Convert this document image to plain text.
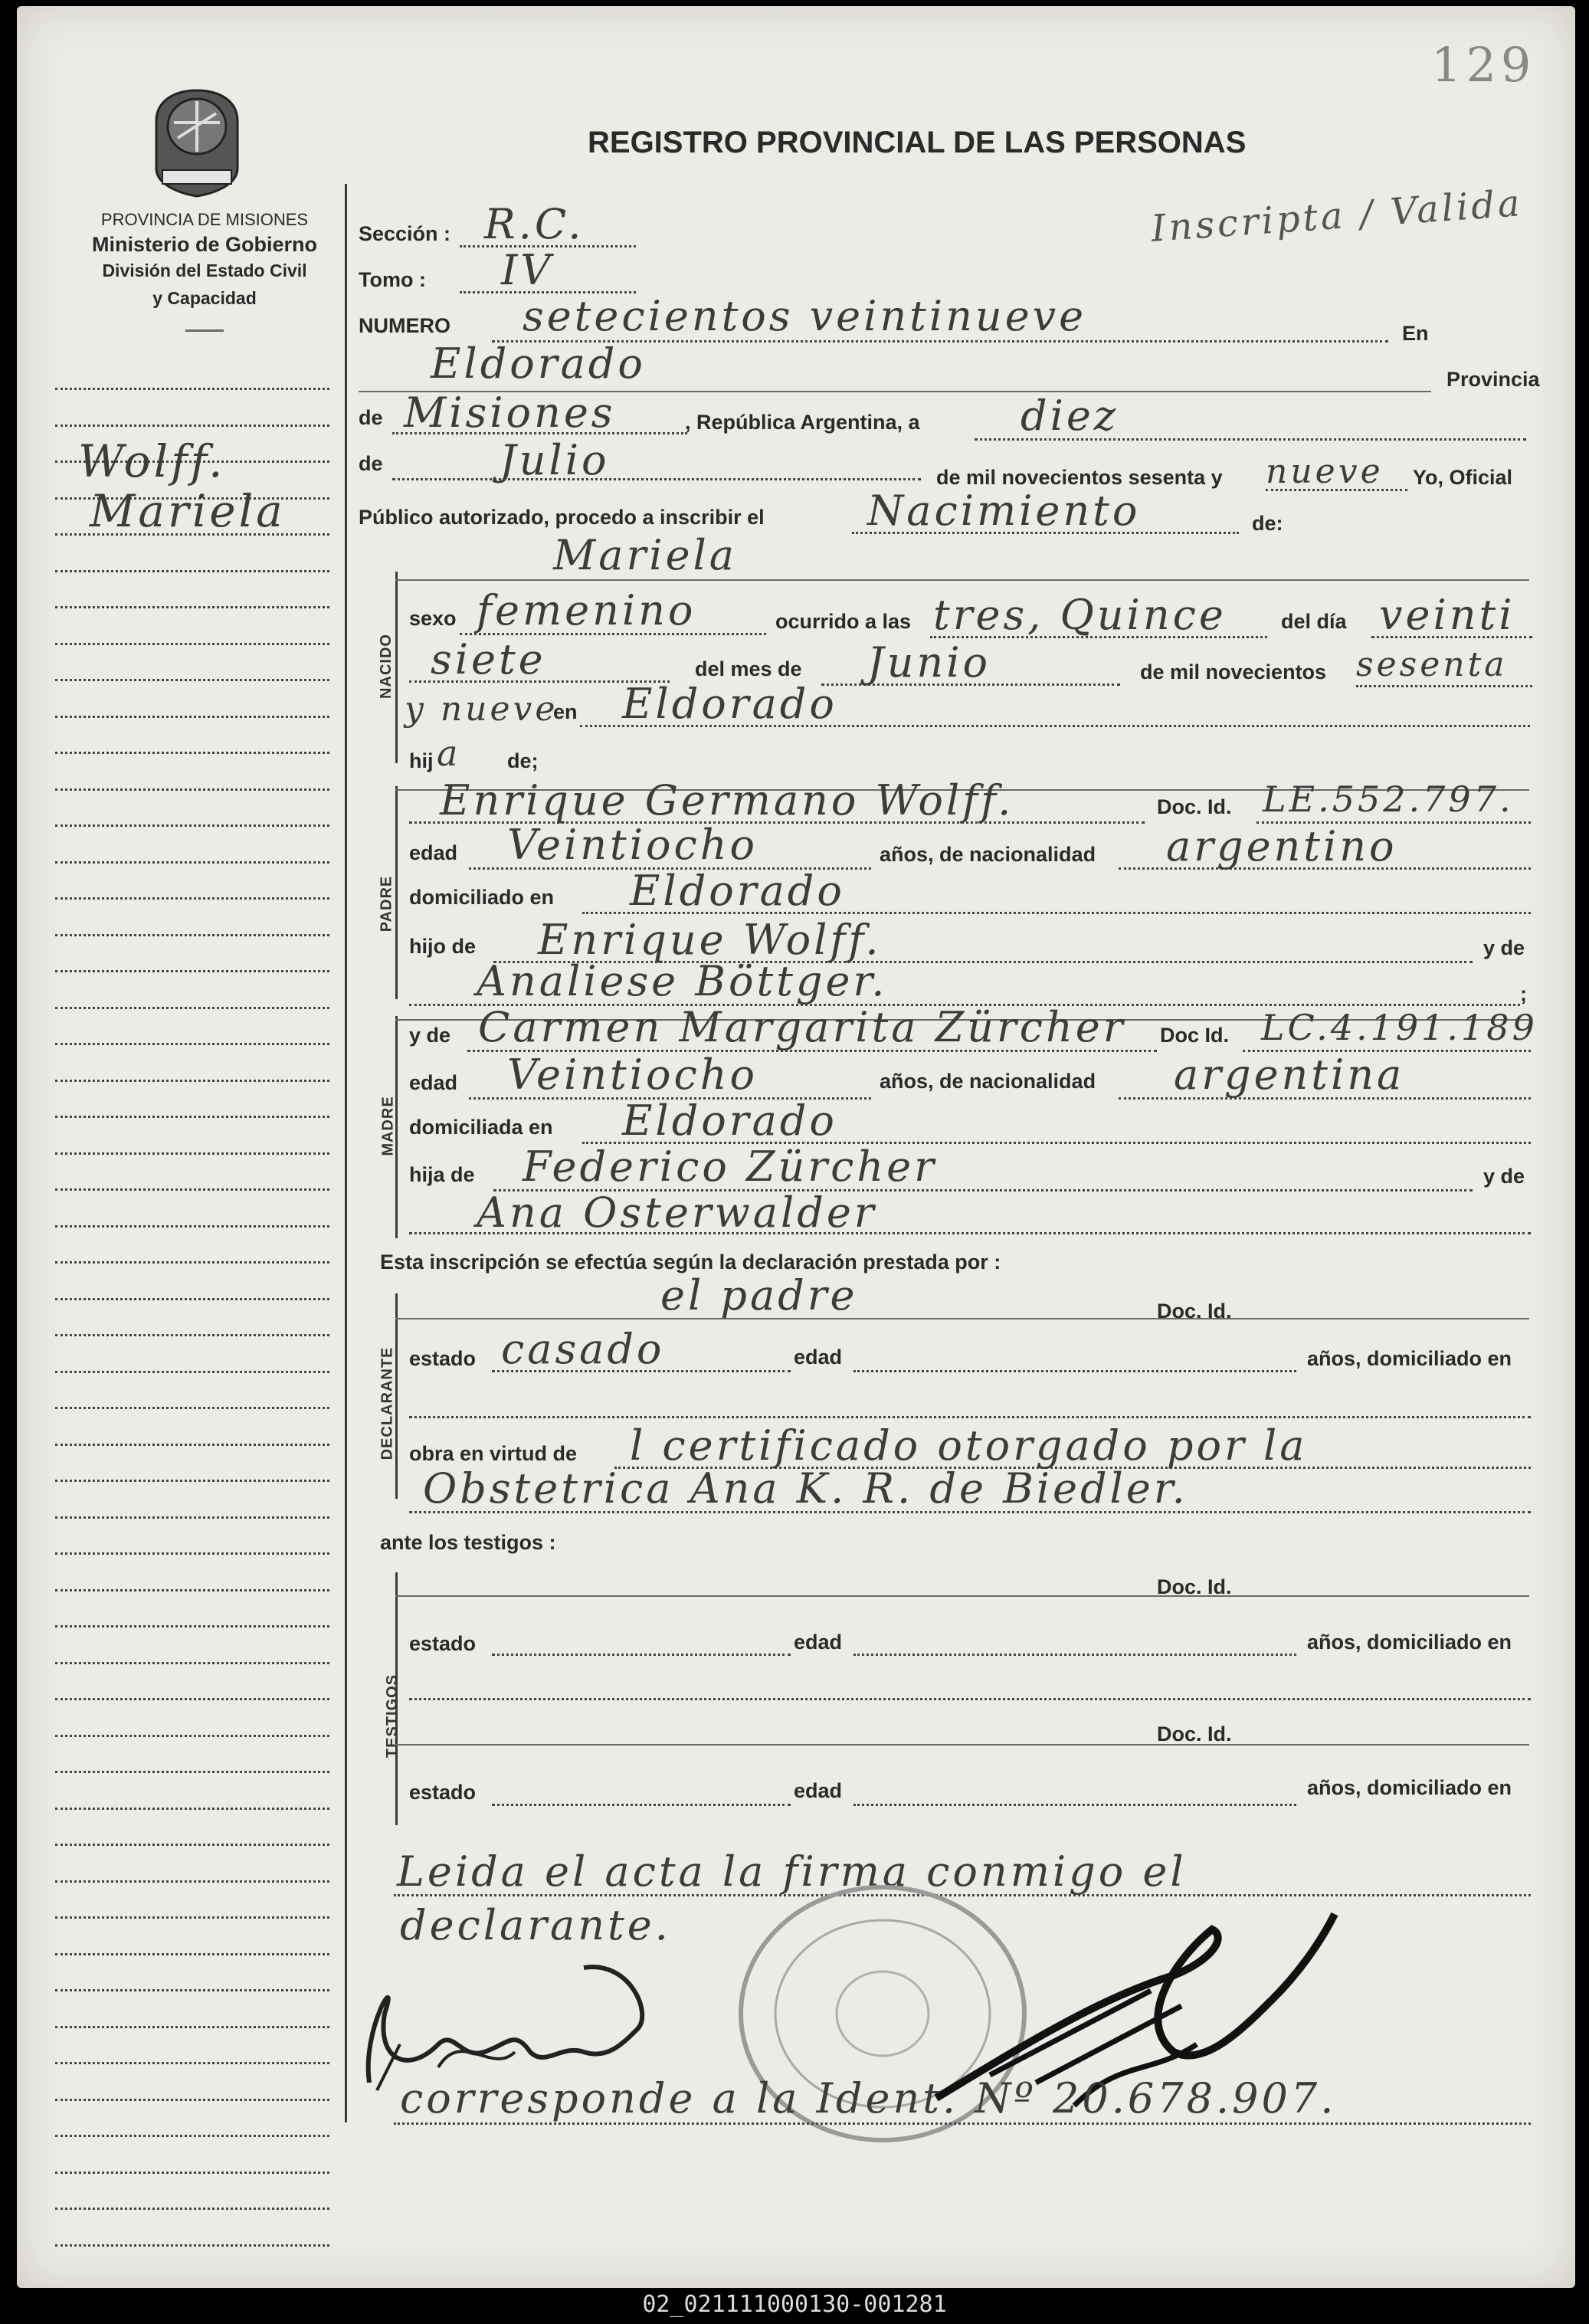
129
REGISTRO PROVINCIAL DE LAS PERSONAS
PROVINCIA DE MISIONES
Ministerio de Gobierno
División del Estado Civil
y Capacidad
Wolff.
Mariela
Inscripta / Valida
Sección : R.C.
Tomo : IV
NUMERO setecientos veintinueve	En
Eldorado	Provincia
de Misiones	, República Argentina, a diez
de	Julio	de mil novecientos sesenta y nueve Yo, Oficial
Público autorizado, procedo a inscribir el Nacimiento	de:
NACIDO
Mariela
sexo femenino	ocurrido a las tres, Quince	del día veinti
siete	del mes de Junio	de mil novecientos sesenta
y nueve
en Eldorado
hij a de;
PADRE
Enrique Germano Wolff.	Doc. Id. LE.552.797.
edad Veintiocho	años, de nacionalidad argentino
domiciliado en Eldorado
hijo de Enrique Wolff.	y de
Analiese Böttger.	;
MADRE
y de Carmen Margarita Zürcher Doc Id. LC.4.191.189
edad Veintiocho	años, de nacionalidad argentina
domiciliada en Eldorado
hija de Federico Zürcher	y de
Ana Osterwalder
Esta inscripción se efectúa según la declaración prestada por :
DECLARANTE
el padre	Doc. Id.
estado casado	edad	años, domiciliado en
obra en virtud de l certificado otorgado por la
Obstetrica Ana K. R. de Biedler.
ante los testigos :
TESTIGOS
Doc. Id.
estado	edad	años, domiciliado en
Doc. Id.
estado	edad	años, domiciliado en
Leida el acta la firma conmigo el
declarante.
corresponde a la Ident. Nº 20.678.907.
02_021111000130-001281
